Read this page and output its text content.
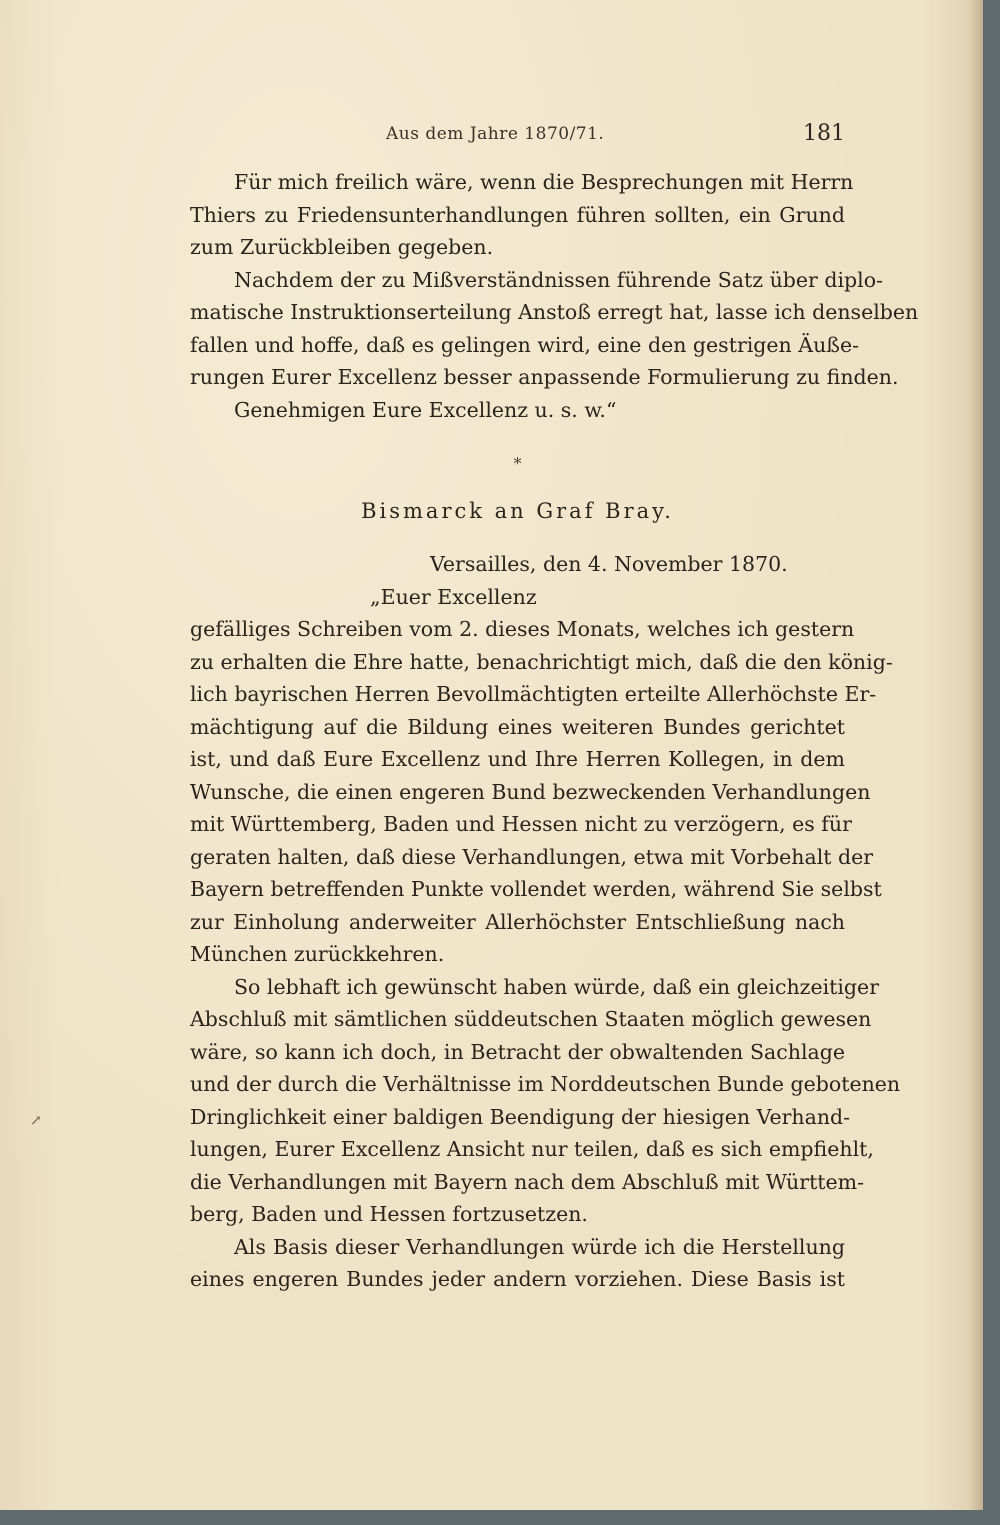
Aus dem Jahre 1870/71.	181
↗
Für mich freilich wäre, wenn die Besprechungen mit Herrn
Thiers zu Friedensunterhandlungen führen sollten, ein Grund
zum Zurückbleiben gegeben.
Nachdem der zu Mißverständnissen führende Satz über diplo-
matische Instruktionserteilung Anstoß erregt hat, lasse ich denselben
fallen und hoffe, daß es gelingen wird, eine den gestrigen Äuße-
rungen Eurer Excellenz besser anpassende Formulierung zu finden.
Genehmigen Eure Excellenz u. s. w.“
*
Bismarck an Graf Bray.
Versailles, den 4. November 1870.
„Euer Excellenz
gefälliges Schreiben vom 2. dieses Monats, welches ich gestern
zu erhalten die Ehre hatte, benachrichtigt mich, daß die den könig-
lich bayrischen Herren Bevollmächtigten erteilte Allerhöchste Er-
mächtigung auf die Bildung eines weiteren Bundes gerichtet
ist, und daß Eure Excellenz und Ihre Herren Kollegen, in dem
Wunsche, die einen engeren Bund bezweckenden Verhandlungen
mit Württemberg, Baden und Hessen nicht zu verzögern, es für
geraten halten, daß diese Verhandlungen, etwa mit Vorbehalt der
Bayern betreffenden Punkte vollendet werden, während Sie selbst
zur Einholung anderweiter Allerhöchster Entschließung nach
München zurückkehren.
So lebhaft ich gewünscht haben würde, daß ein gleichzeitiger
Abschluß mit sämtlichen süddeutschen Staaten möglich gewesen
wäre, so kann ich doch, in Betracht der obwaltenden Sachlage
und der durch die Verhältnisse im Norddeutschen Bunde gebotenen
Dringlichkeit einer baldigen Beendigung der hiesigen Verhand-
lungen, Eurer Excellenz Ansicht nur teilen, daß es sich empfiehlt,
die Verhandlungen mit Bayern nach dem Abschluß mit Württem-
berg, Baden und Hessen fortzusetzen.
Als Basis dieser Verhandlungen würde ich die Herstellung
eines engeren Bundes jeder andern vorziehen. Diese Basis ist
